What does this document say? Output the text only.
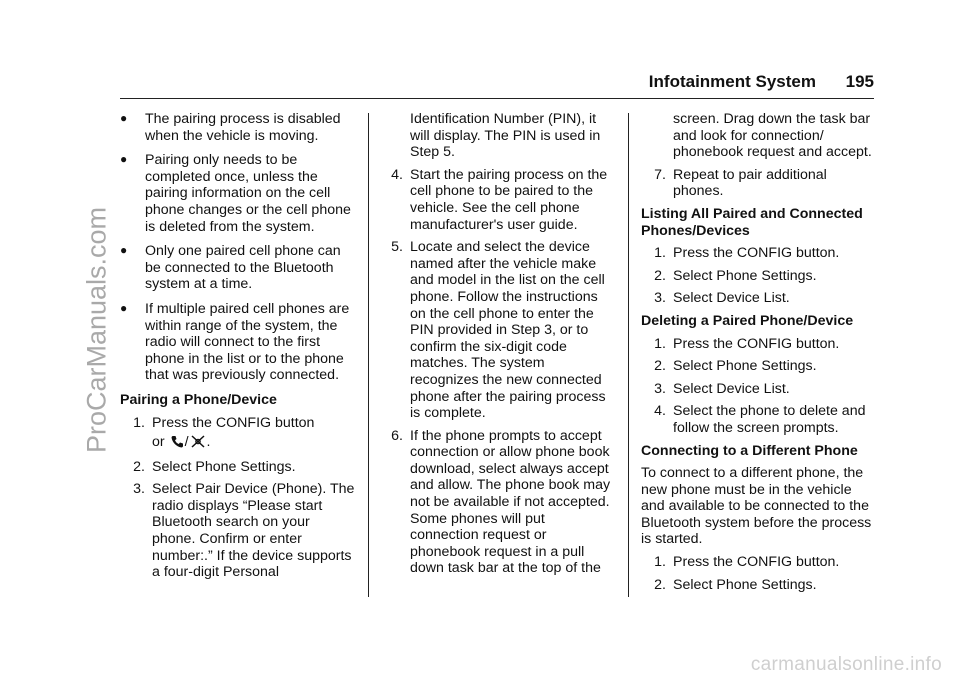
ProCarManuals.com
carmanualsonline.info
Infotainment System 195

● The pairing process is disabled when the vehicle is moving.

● Pairing only needs to be completed once, unless the pairing information on the cell phone changes or the cell phone is deleted from the system.

● Only one paired cell phone can be connected to the Bluetooth system at a time.

● If multiple paired cell phones are within range of the system, the radio will connect to the first phone in the list or to the phone that was previously connected.

Pairing a Phone/Device

1. Press the CONFIG button
or / .
2. Select Phone Settings.
3. Select Pair Device (Phone). The radio displays “Please start Bluetooth search on your phone. Confirm or enter number:.” If the device supports a four-digit Personal

Identification Number (PIN), it will display. The PIN is used in Step 5.

4. Start the pairing process on the cell phone to be paired to the vehicle. See the cell phone manufacturer's user guide.
5. Locate and select the device named after the vehicle make and model in the list on the cell phone. Follow the instructions on the cell phone to enter the PIN provided in Step 3, or to confirm the six-digit code matches. The system recognizes the new connected phone after the pairing process is complete.
6. If the phone prompts to accept connection or allow phone book download, select always accept and allow. The phone book may not be available if not accepted. Some phones will put connection request or phonebook request in a pull down task bar at the top of the

screen. Drag down the task bar and look for connection/ phonebook request and accept.

7. Repeat to pair additional phones.

Listing All Paired and Connected Phones/Devices

1. Press the CONFIG button.
2. Select Phone Settings.
3. Select Device List.

Deleting a Paired Phone/Device

1. Press the CONFIG button.
2. Select Phone Settings.
3. Select Device List.
4. Select the phone to delete and follow the screen prompts.

Connecting to a Different Phone

To connect to a different phone, the new phone must be in the vehicle and available to be connected to the Bluetooth system before the process is started.

1. Press the CONFIG button.
2. Select Phone Settings.
